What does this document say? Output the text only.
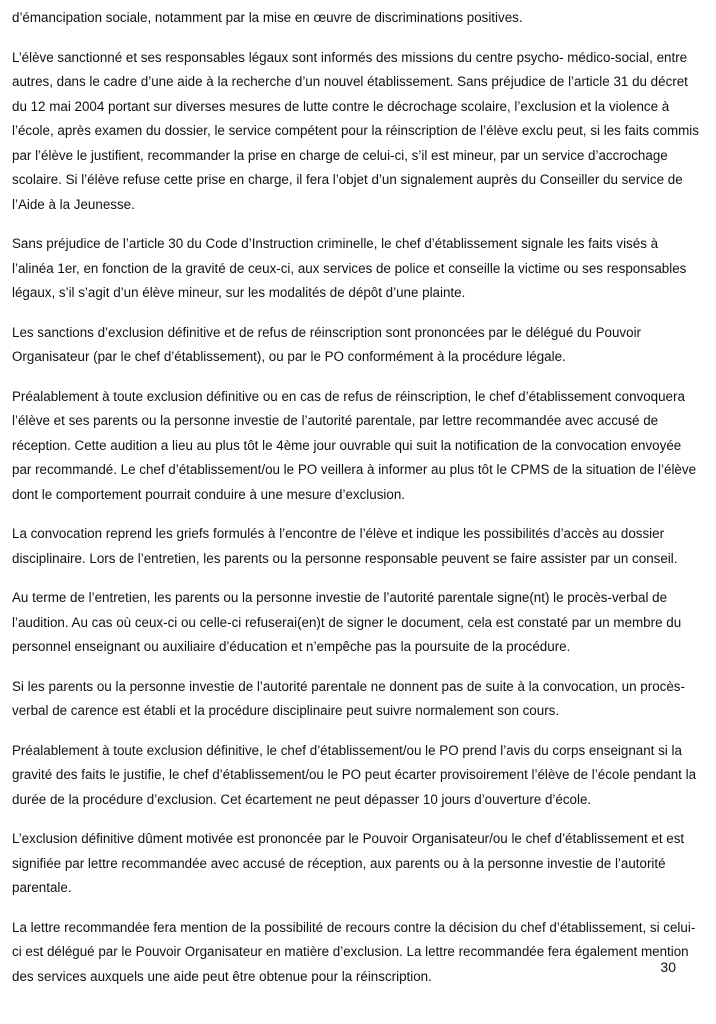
d’émancipation sociale, notamment par la mise en œuvre de discriminations positives.

L’élève sanctionné et ses responsables légaux sont informés des missions du centre psycho- médico-social, entre autres, dans le cadre d’une aide à la recherche d’un nouvel établissement. Sans préjudice de l’article 31 du décret du 12 mai 2004 portant sur diverses mesures de lutte contre le décrochage scolaire, l’exclusion et la violence à l’école, après examen du dossier, le service compétent pour la réinscription de l’élève exclu peut, si les faits commis par l’élève le justifient, recommander la prise en charge de celui-ci, s’il est mineur, par un service d’accrochage scolaire. Si l’élève refuse cette prise en charge, il fera l’objet d’un signalement auprès du Conseiller du service de l’Aide à la Jeunesse.

Sans préjudice de l’article 30 du Code d’Instruction criminelle, le chef d’établissement signale les faits visés à l’alinéa 1er, en fonction de la gravité de ceux-ci, aux services de police et conseille la victime ou ses responsables légaux, s’il s’agit d’un élève mineur, sur les modalités de dépôt d’une plainte.

Les sanctions d’exclusion définitive et de refus de réinscription sont prononcées par le délégué du Pouvoir Organisateur (par le chef d’établissement), ou par le PO conformément à la procédure légale.

Préalablement à toute exclusion définitive ou en cas de refus de réinscription, le chef d’établissement convoquera l’élève et ses parents ou la personne investie de l’autorité parentale, par lettre recommandée avec accusé de réception. Cette audition a lieu au plus tôt le 4ème jour ouvrable qui suit la notification de la convocation envoyée par recommandé. Le chef d’établissement/ou le PO veillera à informer au plus tôt le CPMS de la situation de l’élève dont le comportement pourrait conduire à une mesure d’exclusion.

La convocation reprend les griefs formulés à l’encontre de l’élève et indique les possibilités d’accès au dossier disciplinaire. Lors de l’entretien, les parents ou la personne responsable peuvent se faire assister par un conseil.

Au terme de l’entretien, les parents ou la personne investie de l’autorité parentale signe(nt) le procès-verbal de l’audition. Au cas où ceux-ci ou celle-ci refuserai(en)t de signer le document, cela est constaté par un membre du personnel enseignant ou auxiliaire d’éducation et n’empêche pas la poursuite de la procédure.

Si les parents ou la personne investie de l’autorité parentale ne donnent pas de suite à la convocation, un procès-verbal de carence est établi et la procédure disciplinaire peut suivre normalement son cours.

Préalablement à toute exclusion définitive, le chef d’établissement/ou le PO prend l’avis du corps enseignant si la gravité des faits le justifie, le chef d’établissement/ou le PO peut écarter provisoirement l’élève de l’école pendant la durée de la procédure d’exclusion. Cet écartement ne peut dépasser 10 jours d’ouverture d’école.

L’exclusion définitive dûment motivée est prononcée par le Pouvoir Organisateur/ou le chef d’établissement et est signifiée par lettre recommandée avec accusé de réception, aux parents ou à la personne investie de l’autorité parentale.

La lettre recommandée fera mention de la possibilité de recours contre la décision du chef d’établissement, si celui-ci est délégué par le Pouvoir Organisateur en matière d’exclusion. La lettre recommandée fera également mention des services auxquels une aide peut être obtenue pour la réinscription.

30
